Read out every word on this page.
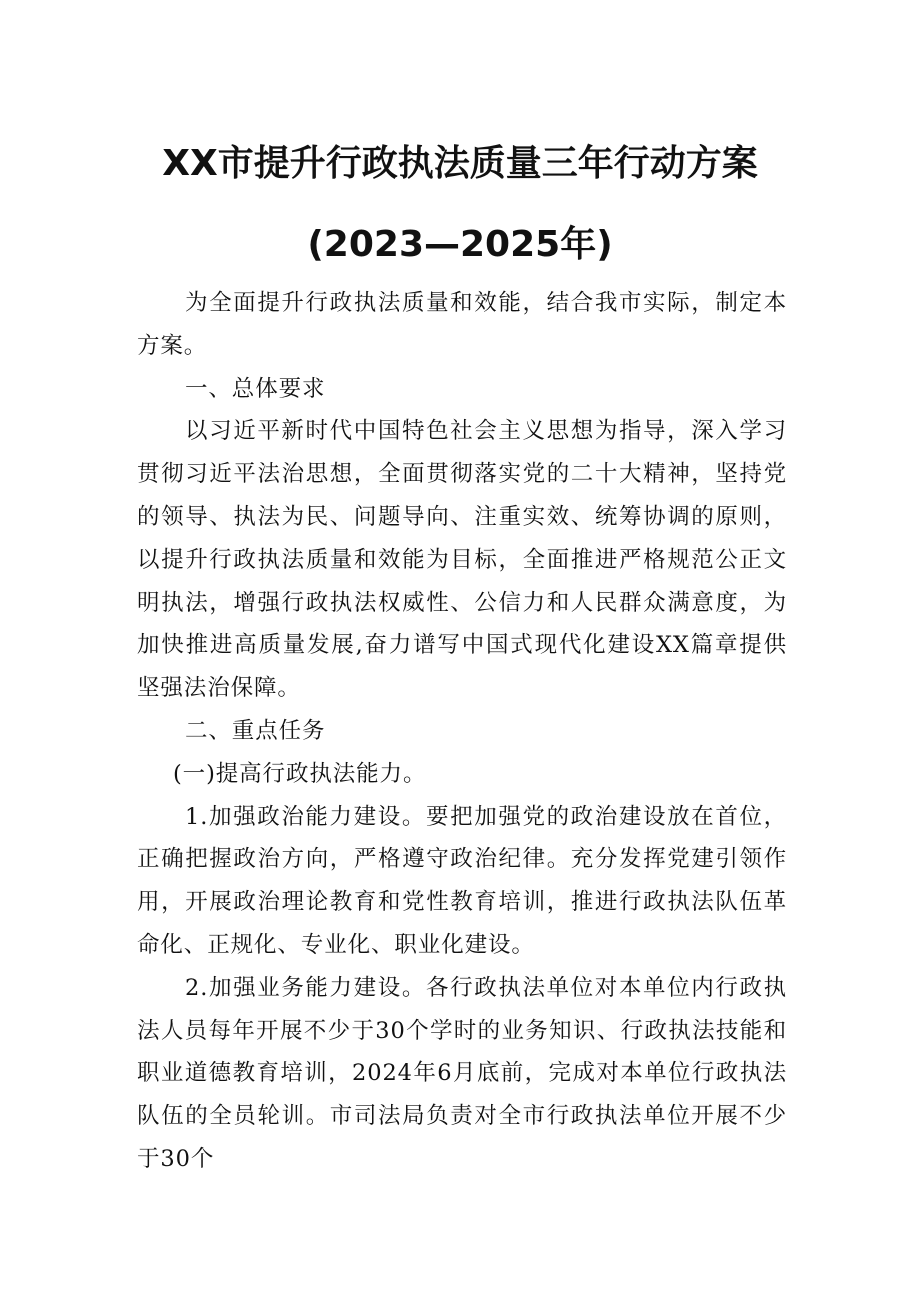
XX市提升行政执法质量三年行动方案
(2023—2025年)

为全面提升行政执法质量和效能，结合我市实际，制定本方案。

一、总体要求

以习近平新时代中国特色社会主义思想为指导，深入学习贯彻习近平法治思想，全面贯彻落实党的二十大精神，坚持党的领导、执法为民、问题导向、注重实效、统筹协调的原则，以提升行政执法质量和效能为目标，全面推进严格规范公正文明执法，增强行政执法权威性、公信力和人民群众满意度，为加快推进高质量发展,奋力谱写中国式现代化建设XX篇章提供坚强法治保障。

二、重点任务

(一)提高行政执法能力。

1.加强政治能力建设。要把加强党的政治建设放在首位，正确把握政治方向，严格遵守政治纪律。充分发挥党建引领作用，开展政治理论教育和党性教育培训，推进行政执法队伍革命化、正规化、专业化、职业化建设。

2.加强业务能力建设。各行政执法单位对本单位内行政执法人员每年开展不少于30个学时的业务知识、行政执法技能和职业道德教育培训，2024年6月底前，完成对本单位行政执法队伍的全员轮训。市司法局负责对全市行政执法单位开展不少于30个
